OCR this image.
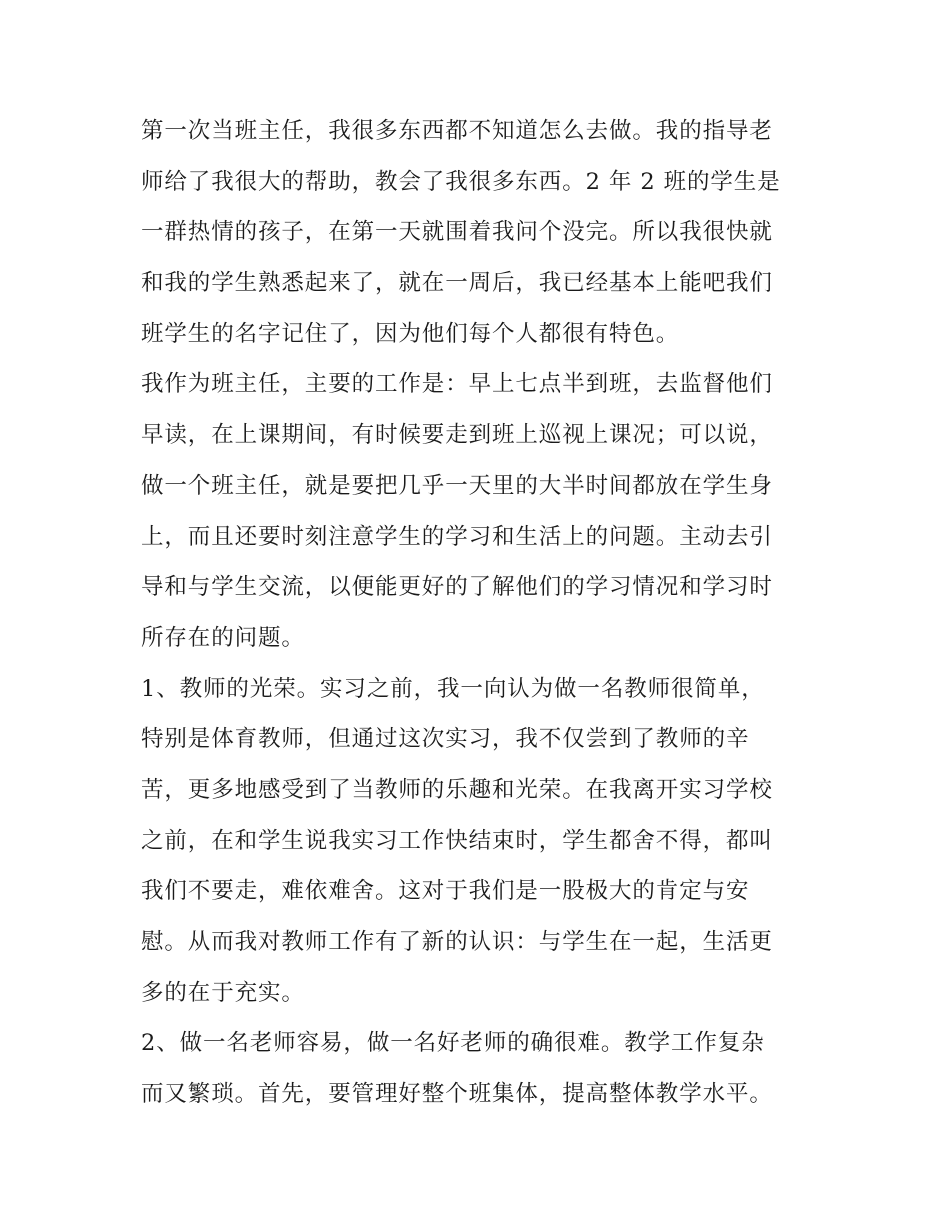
第一次当班主任，我很多东西都不知道怎么去做。我的指导老
师给了我很大的帮助，教会了我很多东西。2 年 2 班的学生是
一群热情的孩子，在第一天就围着我问个没完。所以我很快就
和我的学生熟悉起来了，就在一周后，我已经基本上能吧我们
班学生的名字记住了，因为他们每个人都很有特色。
我作为班主任，主要的工作是：早上七点半到班，去监督他们
早读，在上课期间，有时候要走到班上巡视上课况；可以说，
做一个班主任，就是要把几乎一天里的大半时间都放在学生身
上，而且还要时刻注意学生的学习和生活上的问题。主动去引
导和与学生交流，以便能更好的了解他们的学习情况和学习时
所存在的问题。
1、教师的光荣。实习之前，我一向认为做一名教师很简单，
特别是体育教师，但通过这次实习，我不仅尝到了教师的辛
苦，更多地感受到了当教师的乐趣和光荣。在我离开实习学校
之前，在和学生说我实习工作快结束时，学生都舍不得，都叫
我们不要走，难依难舍。这对于我们是一股极大的肯定与安
慰。从而我对教师工作有了新的认识：与学生在一起，生活更
多的在于充实。
2、做一名老师容易，做一名好老师的确很难。教学工作复杂
而又繁琐。首先，要管理好整个班集体，提高整体教学水平。
